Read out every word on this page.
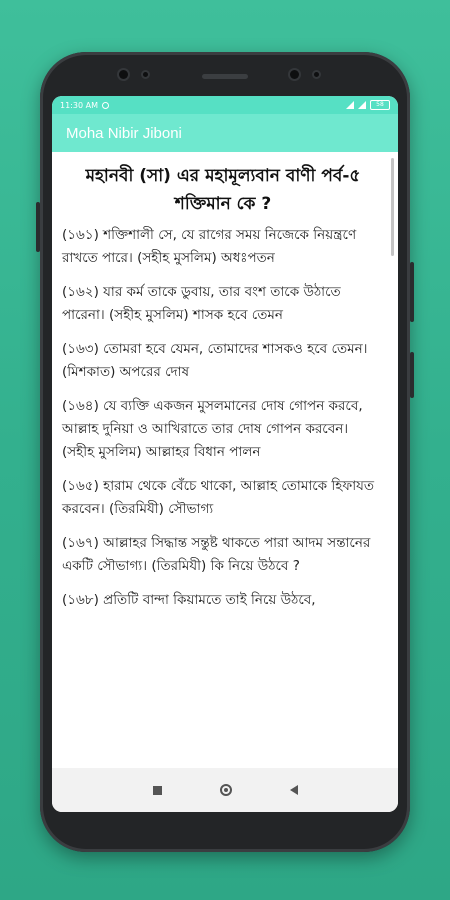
11:30 AM	58
Moha Nibir Jiboni
মহানবী (সা) এর মহামূল্যবান বাণী পর্ব-৫ শক্তিমান কে ?

(১৬১) শক্তিশালী সে, যে রাগের সময় নিজেকে নিয়ন্ত্রণে রাখতে পারে। (সহীহ মুসলিম) অধঃপতন

(১৬২) যার কর্ম তাকে ডুবায়, তার বংশ তাকে উঠাতে পারেনা। (সহীহ মুসলিম) শাসক হবে তেমন

(১৬৩) তোমরা হবে যেমন, তোমাদের শাসকও হবে তেমন। (মিশকাত) অপরের দোষ

(১৬৪) যে ব্যক্তি একজন মুসলমানের দোষ গোপন করবে, আল্লাহ দুনিয়া ও আখিরাতে তার দোষ গোপন করবেন। (সহীহ মুসলিম) আল্লাহর বিধান পালন

(১৬৫) হারাম থেকে বেঁচে থাকো, আল্লাহ তোমাকে হিফাযত করবেন। (তিরমিযী) সৌভাগ্য

(১৬৭) আল্লাহর সিদ্ধান্ত সন্তুষ্ট থাকতে পারা আদম সন্তানের একটি সৌভাগ্য। (তিরমিযী) কি নিয়ে উঠবে ?

(১৬৮) প্রতিটি বান্দা কিয়ামতে তাই নিয়ে উঠবে,
